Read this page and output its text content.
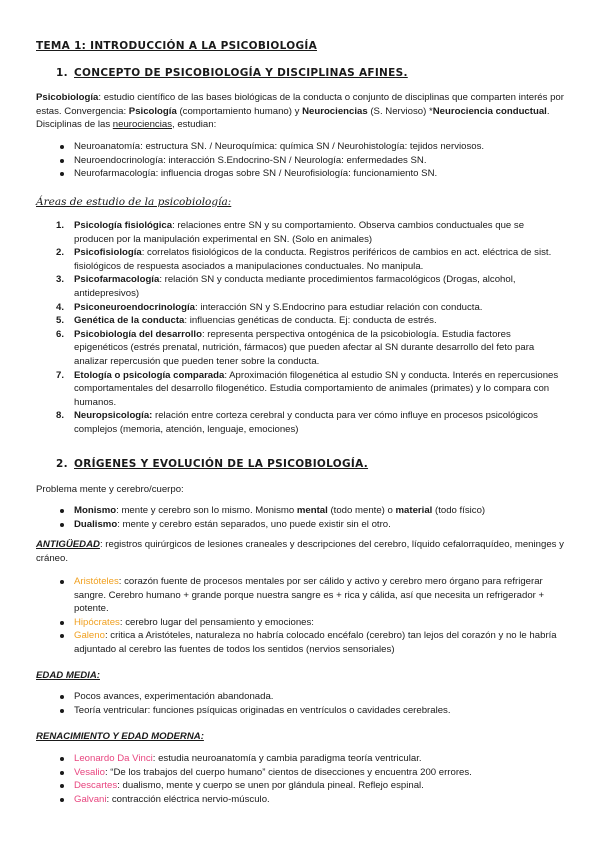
TEMA 1: INTRODUCCIÓN A LA PSICOBIOLOGÍA
1. CONCEPTO DE PSICOBIOLOGÍA Y DISCIPLINAS AFINES.
Psicobiología: estudio científico de las bases biológicas de la conducta o conjunto de disciplinas que comparten interés por estas. Convergencia: Psicología (comportamiento humano) y Neurociencias (S. Nervioso) *Neurociencia conductual. Disciplinas de las neurociencias, estudian:
Neuroanatomía: estructura SN. / Neuroquímica: química SN / Neurohistología: tejidos nerviosos.
Neuroendocrinología: interacción S.Endocrino-SN / Neurología: enfermedades SN.
Neurofarmacología: influencia drogas sobre SN / Neurofisiología: funcionamiento SN.
Áreas de estudio de la psicobiología:
1. Psicología fisiológica: relaciones entre SN y su comportamiento. Observa cambios conductuales que se producen por la manipulación experimental en SN. (Solo en animales)
2. Psicofisiología: correlatos fisiológicos de la conducta. Registros periféricos de cambios en act. eléctrica de sist. fisiológicos de respuesta asociados a manipulaciones conductuales. No manipula.
3. Psicofarmacología: relación SN y conducta mediante procedimientos farmacológicos (Drogas, alcohol, antidepresivos)
4. Psiconeuroendocrinología: interacción SN y S.Endocrino para estudiar relación con conducta.
5. Genética de la conducta: influencias genéticas de conducta. Ej: conducta de estrés.
6. Psicobiología del desarrollo: representa perspectiva ontogénica de la psicobiología. Estudia factores epigenéticos (estrés prenatal, nutrición, fármacos) que pueden afectar al SN durante desarrollo del feto para analizar repercusión que pueden tener sobre la conducta.
7. Etología o psicología comparada: Aproximación filogenética al estudio SN y conducta. Interés en repercusiones comportamentales del desarrollo filogenético. Estudia comportamiento de animales (primates) y lo compara con humanos.
8. Neuropsicología: relación entre corteza cerebral y conducta para ver cómo influye en procesos psicológicos complejos (memoria, atención, lenguaje, emociones)
2. ORÍGENES Y EVOLUCIÓN DE LA PSICOBIOLOGÍA.
Problema mente y cerebro/cuerpo:
Monismo: mente y cerebro son lo mismo. Monismo mental (todo mente) o material (todo físico)
Dualismo: mente y cerebro están separados, uno puede existir sin el otro.
ANTIGÜEDAD: registros quirúrgicos de lesiones craneales y descripciones del cerebro, líquido cefalorraquídeo, meninges y cráneo.
Aristóteles: corazón fuente de procesos mentales por ser cálido y activo y cerebro mero órgano para refrigerar sangre. Cerebro humano + grande porque nuestra sangre es + rica y cálida, así que necesita un refrigerador + potente.
Hipócrates: cerebro lugar del pensamiento y emociones:
Galeno: critica a Aristóteles, naturaleza no habría colocado encéfalo (cerebro) tan lejos del corazón y no le habría adjuntado al cerebro las fuentes de todos los sentidos (nervios sensoriales)
EDAD MEDIA:
Pocos avances, experimentación abandonada.
Teoría ventricular: funciones psíquicas originadas en ventrículos o cavidades cerebrales.
RENACIMIENTO Y EDAD MODERNA:
Leonardo Da Vinci: estudia neuroanatomía y cambia paradigma teoría ventricular.
Vesalio: “De los trabajos del cuerpo humano” cientos de disecciones y encuentra 200 errores.
Descartes: dualismo, mente y cuerpo se unen por glándula pineal. Reflejo espinal.
Galvani: contracción eléctrica nervio-músculo.
